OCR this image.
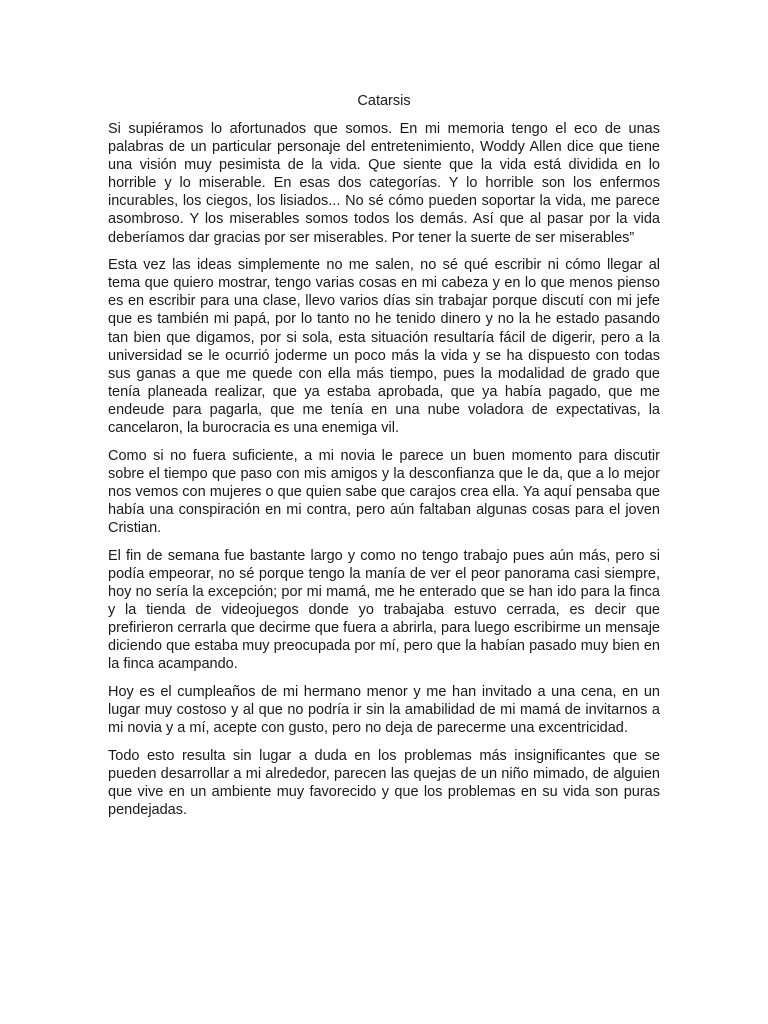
Catarsis

Si supiéramos lo afortunados que somos. En mi memoria tengo el eco de unas palabras de un particular personaje del entretenimiento, Woddy Allen dice que tiene una visión muy pesimista de la vida. Que siente que la vida está dividida en lo horrible y lo miserable. En esas dos categorías. Y lo horrible son los enfermos incurables, los ciegos, los lisiados... No sé cómo pueden soportar la vida, me parece asombroso. Y los miserables somos todos los demás. Así que al pasar por la vida deberíamos dar gracias por ser miserables. Por tener la suerte de ser miserables”

Esta vez las ideas simplemente no me salen, no sé qué escribir ni cómo llegar al tema que quiero mostrar, tengo varias cosas en mi cabeza y en lo que menos pienso es en escribir para una clase, llevo varios días sin trabajar porque discutí con mi jefe que es también mi papá, por lo tanto no he tenido dinero y no la he estado pasando tan bien que digamos, por si sola, esta situación resultaría fácil de digerir, pero a la universidad se le ocurrió joderme un poco más la vida y se ha dispuesto con todas sus ganas a que me quede con ella más tiempo, pues la modalidad de grado que tenía planeada realizar, que ya estaba aprobada, que ya había pagado, que me endeude para pagarla, que me tenía en una nube voladora de expectativas, la cancelaron, la burocracia es una enemiga vil.

Como si no fuera suficiente, a mi novia le parece un buen momento para discutir sobre el tiempo que paso con mis amigos y la desconfianza que le da, que a lo mejor nos vemos con mujeres o que quien sabe que carajos crea ella. Ya aquí pensaba que había una conspiración en mi contra, pero aún faltaban algunas cosas para el joven Cristian.

El fin de semana fue bastante largo y como no tengo trabajo pues aún más, pero si podía empeorar, no sé porque tengo la manía de ver el peor panorama casi siempre, hoy no sería la excepción; por mi mamá, me he enterado que se han ido para la finca y la tienda de videojuegos donde yo trabajaba estuvo cerrada, es decir que prefirieron cerrarla que decirme que fuera a abrirla, para luego escribirme un mensaje diciendo que estaba muy preocupada por mí, pero que la habían pasado muy bien en la finca acampando.

Hoy es el cumpleaños de mi hermano menor y me han invitado a una cena, en un lugar muy costoso y al que no podría ir sin la amabilidad de mi mamá de invitarnos a mi novia y a mí, acepte con gusto, pero no deja de parecerme una excentricidad.

Todo esto resulta sin lugar a duda en los problemas más insignificantes que se pueden desarrollar a mi alrededor, parecen las quejas de un niño mimado, de alguien que vive en un ambiente muy favorecido y que los problemas en su vida son puras pendejadas.
